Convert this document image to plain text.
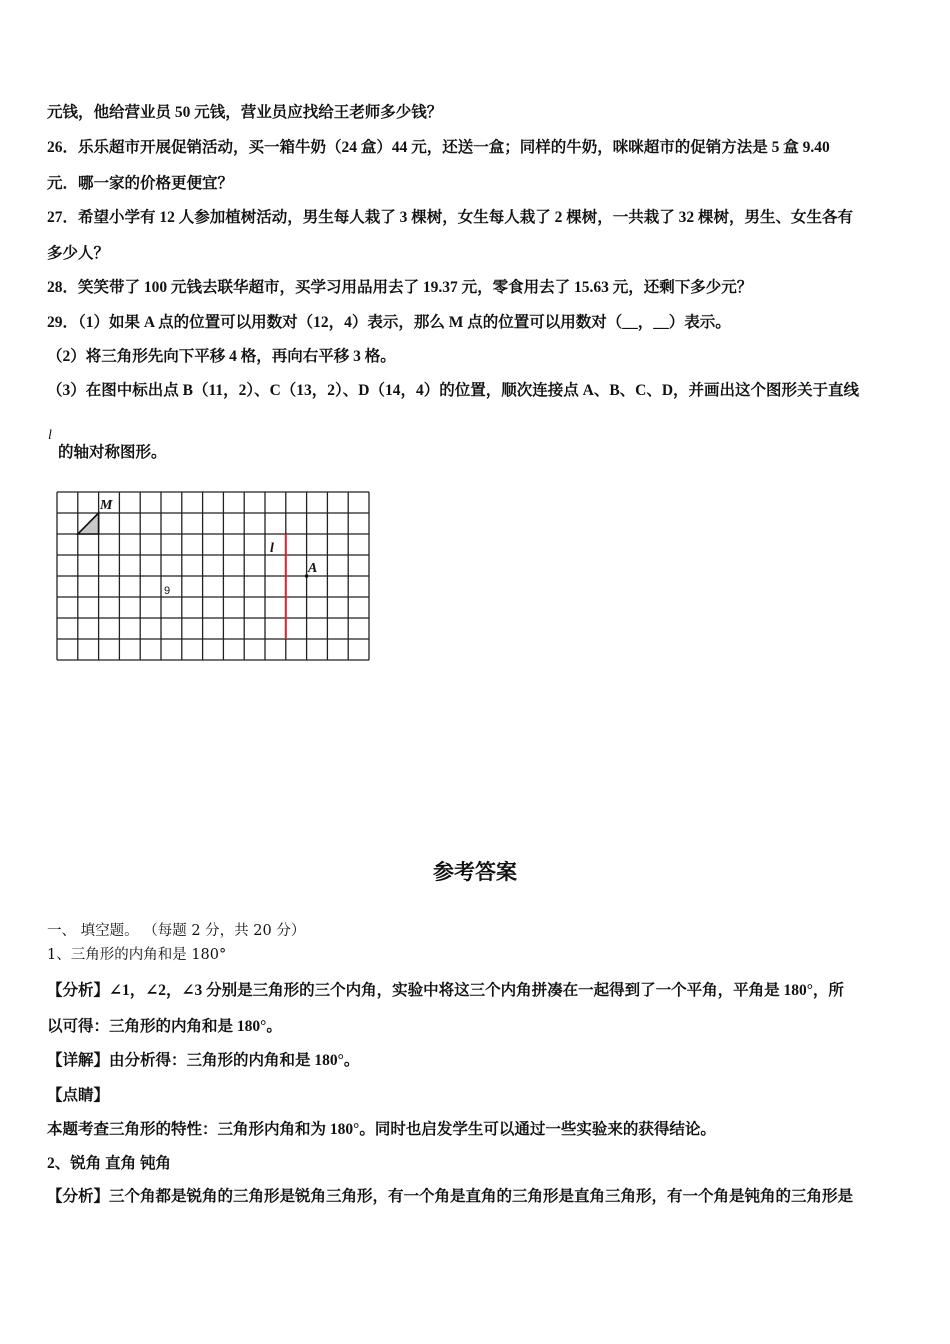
元钱，他给营业员 50 元钱，营业员应找给王老师多少钱？
26．乐乐超市开展促销活动，买一箱牛奶（24 盒）44 元，还送一盒；同样的牛奶，咪咪超市的促销方法是 5 盒 9.40
元．哪一家的价格更便宜？
27．希望小学有 12 人参加植树活动，男生每人栽了 3 棵树，女生每人栽了 2 棵树，一共栽了 32 棵树，男生、女生各有
多少人？
28．笑笑带了 100 元钱去联华超市，买学习用品用去了 19.37 元，零食用去了 15.63 元，还剩下多少元？
29．（1）如果 A 点的位置可以用数对（12，4）表示，那么 M 点的位置可以用数对（__，__）表示。
（2）将三角形先向下平移 4 格，再向右平移 3 格。
（3）在图中标出点 B（11，2）、C（13，2）、D（14，4）的位置，顺次连接点 A、B、C、D，并画出这个图形关于直线
l
的轴对称图形。
M
l
A
9
参考答案
一、 填空题。 （每题 2 分，共 20 分）
1、三角形的内角和是 180°
【分析】∠1，∠2，∠3 分别是三角形的三个内角，实验中将这三个内角拼凑在一起得到了一个平角，平角是 180°，所
以可得：三角形的内角和是 180°。
【详解】由分析得：三角形的内角和是 180°。
【点睛】
本题考查三角形的特性：三角形内角和为 180°。同时也启发学生可以通过一些实验来的获得结论。
2、锐角 直角 钝角
【分析】三个角都是锐角的三角形是锐角三角形，有一个角是直角的三角形是直角三角形，有一个角是钝角的三角形是
